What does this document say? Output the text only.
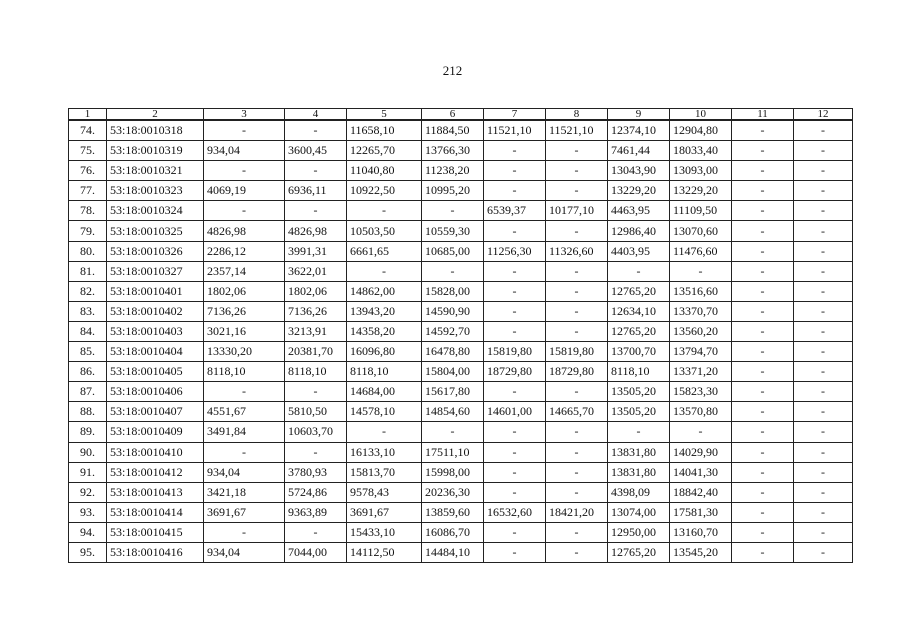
212
1	2	3	4	5	6	7	8	9	10	11	12
74.	53:18:0010318	-	-	11658,10	11884,50	11521,10	11521,10	12374,10	12904,80	-	-
75.	53:18:0010319	934,04	3600,45	12265,70	13766,30	-	-	7461,44	18033,40	-	-
76.	53:18:0010321	-	-	11040,80	11238,20	-	-	13043,90	13093,00	-	-
77.	53:18:0010323	4069,19	6936,11	10922,50	10995,20	-	-	13229,20	13229,20	-	-
78.	53:18:0010324	-	-	-	-	6539,37	10177,10	4463,95	11109,50	-	-
79.	53:18:0010325	4826,98	4826,98	10503,50	10559,30	-	-	12986,40	13070,60	-	-
80.	53:18:0010326	2286,12	3991,31	6661,65	10685,00	11256,30	11326,60	4403,95	11476,60	-	-
81.	53:18:0010327	2357,14	3622,01	-	-	-	-	-	-	-	-
82.	53:18:0010401	1802,06	1802,06	14862,00	15828,00	-	-	12765,20	13516,60	-	-
83.	53:18:0010402	7136,26	7136,26	13943,20	14590,90	-	-	12634,10	13370,70	-	-
84.	53:18:0010403	3021,16	3213,91	14358,20	14592,70	-	-	12765,20	13560,20	-	-
85.	53:18:0010404	13330,20	20381,70	16096,80	16478,80	15819,80	15819,80	13700,70	13794,70	-	-
86.	53:18:0010405	8118,10	8118,10	8118,10	15804,00	18729,80	18729,80	8118,10	13371,20	-	-
87.	53:18:0010406	-	-	14684,00	15617,80	-	-	13505,20	15823,30	-	-
88.	53:18:0010407	4551,67	5810,50	14578,10	14854,60	14601,00	14665,70	13505,20	13570,80	-	-
89.	53:18:0010409	3491,84	10603,70	-	-	-	-	-	-	-	-
90.	53:18:0010410	-	-	16133,10	17511,10	-	-	13831,80	14029,90	-	-
91.	53:18:0010412	934,04	3780,93	15813,70	15998,00	-	-	13831,80	14041,30	-	-
92.	53:18:0010413	3421,18	5724,86	9578,43	20236,30	-	-	4398,09	18842,40	-	-
93.	53:18:0010414	3691,67	9363,89	3691,67	13859,60	16532,60	18421,20	13074,00	17581,30	-	-
94.	53:18:0010415	-	-	15433,10	16086,70	-	-	12950,00	13160,70	-	-
95.	53:18:0010416	934,04	7044,00	14112,50	14484,10	-	-	12765,20	13545,20	-	-
